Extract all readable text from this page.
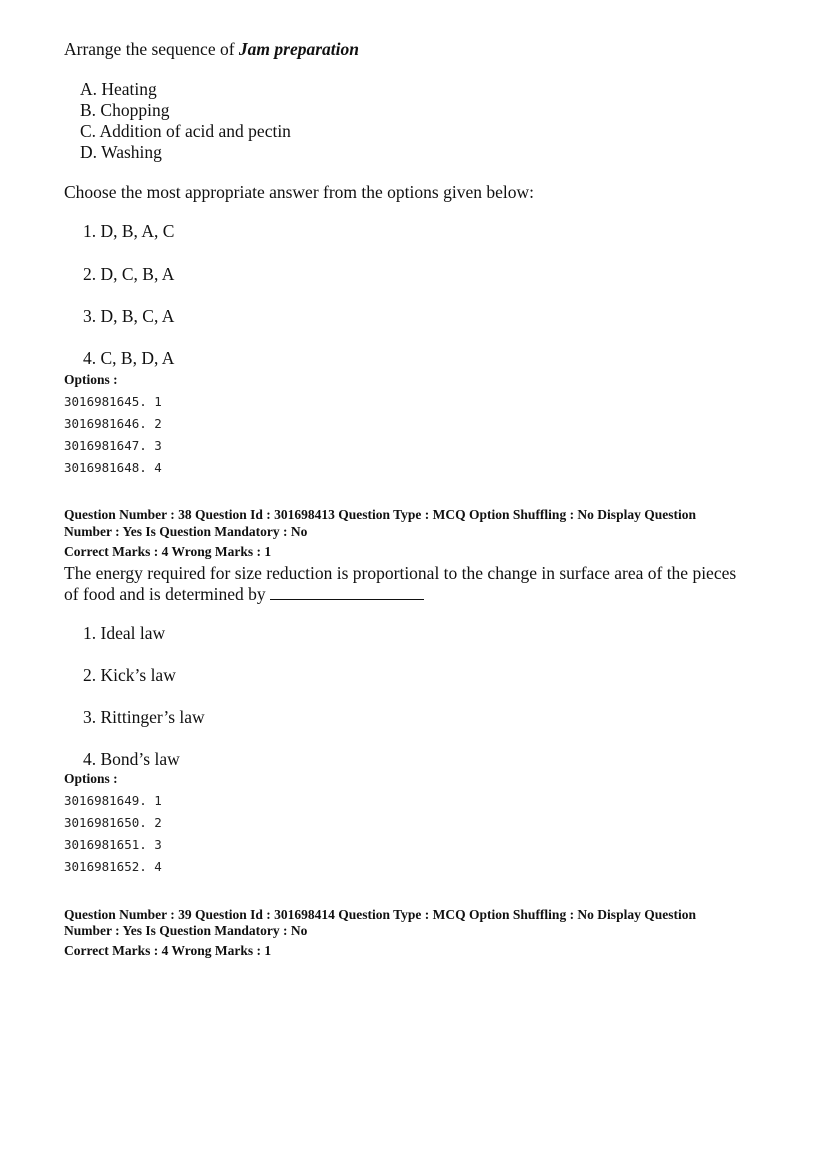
Arrange the sequence of Jam preparation
A. Heating
B. Chopping
C. Addition of acid and pectin
D. Washing
Choose the most appropriate answer from the options given below:
1. D, B, A, C
2. D, C, B, A
3. D, B, C, A
4. C, B, D, A
Options :
3016981645. 1
3016981646. 2
3016981647. 3
3016981648. 4
Question Number : 38 Question Id : 301698413 Question Type : MCQ Option Shuffling : No Display Question
Number : Yes Is Question Mandatory : No
Correct Marks : 4 Wrong Marks : 1
The energy required for size reduction is proportional to the change in surface area of the pieces
of food and is determined by
1. Ideal law
2. Kick’s law
3. Rittinger’s law
4. Bond’s law
Options :
3016981649. 1
3016981650. 2
3016981651. 3
3016981652. 4
Question Number : 39 Question Id : 301698414 Question Type : MCQ Option Shuffling : No Display Question
Number : Yes Is Question Mandatory : No
Correct Marks : 4 Wrong Marks : 1
